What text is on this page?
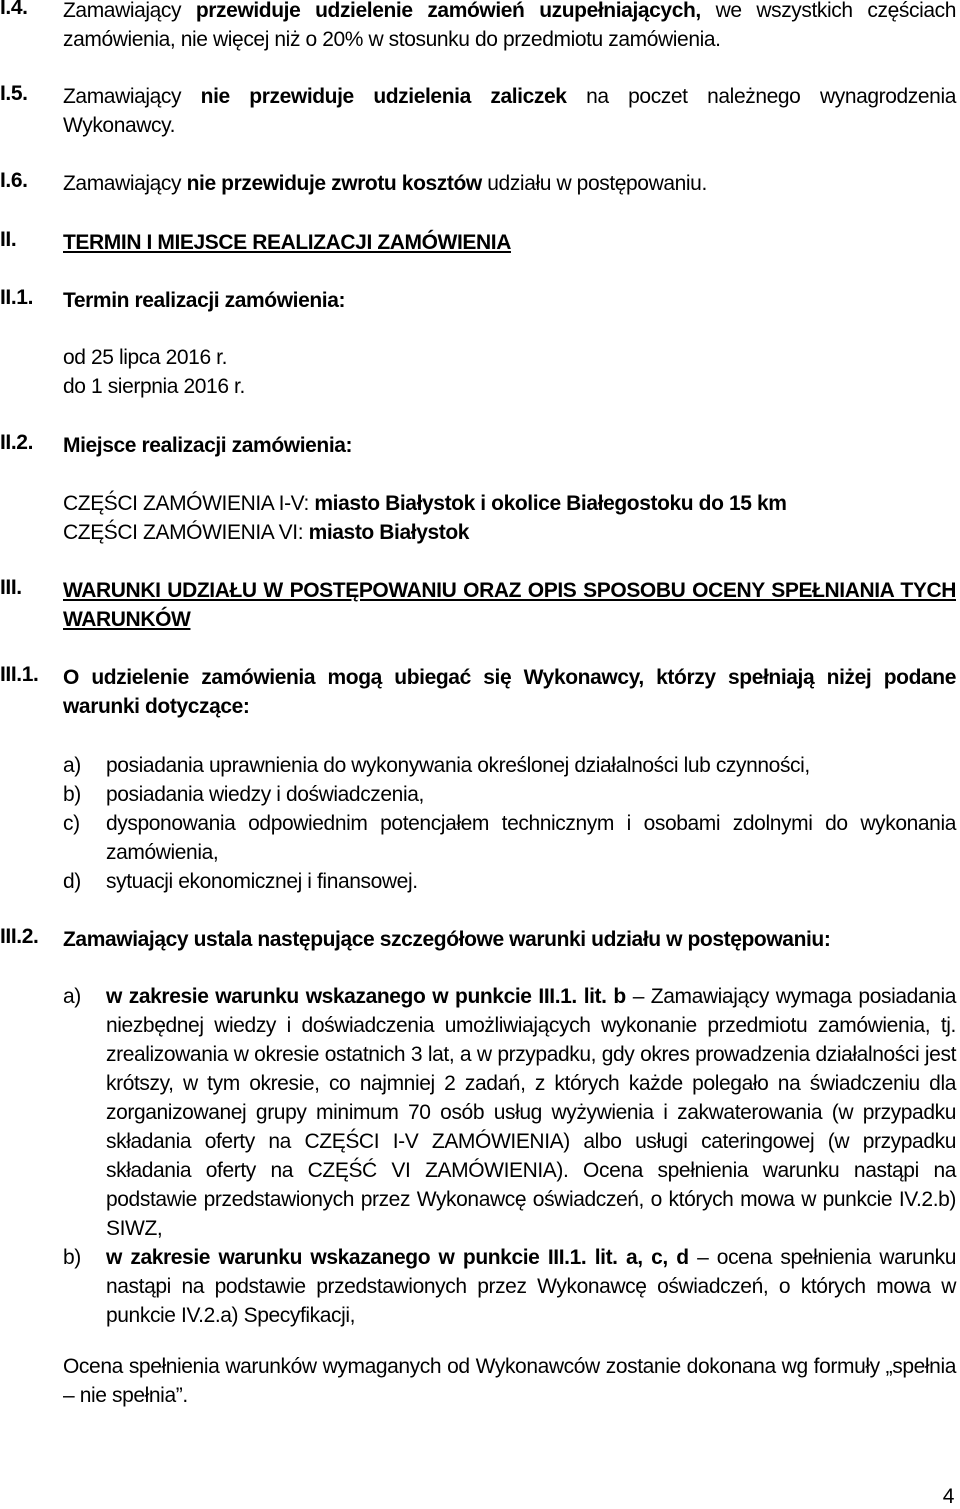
I.4. Zamawiający przewiduje udzielenie zamówień uzupełniających, we wszystkich częściach zamówienia, nie więcej niż o 20% w stosunku do przedmiotu zamówienia.
I.5. Zamawiający nie przewiduje udzielenia zaliczek na poczet należnego wynagrodzenia Wykonawcy.
I.6. Zamawiający nie przewiduje zwrotu kosztów udziału w postępowaniu.
II. TERMIN I MIEJSCE REALIZACJI ZAMÓWIENIA
II.1. Termin realizacji zamówienia:
od 25 lipca 2016 r.
do 1 sierpnia 2016 r.
II.2. Miejsce realizacji zamówienia:
CZĘŚCI ZAMÓWIENIA I-V: miasto Białystok i okolice Białegostoku do 15 km
CZĘŚCI ZAMÓWIENIA VI: miasto Białystok
III. WARUNKI UDZIAŁU W POSTĘPOWANIU ORAZ OPIS SPOSOBU OCENY SPEŁNIANIA TYCH WARUNKÓW
III.1. O udzielenie zamówienia mogą ubiegać się Wykonawcy, którzy spełniają niżej podane warunki dotyczące:
a) posiadania uprawnienia do wykonywania określonej działalności lub czynności,
b) posiadania wiedzy i doświadczenia,
c) dysponowania odpowiednim potencjałem technicznym i osobami zdolnymi do wykonania zamówienia,
d) sytuacji ekonomicznej i finansowej.
III.2. Zamawiający ustala następujące szczegółowe warunki udziału w postępowaniu:
a) w zakresie warunku wskazanego w punkcie III.1. lit. b – Zamawiający wymaga posiadania niezbędnej wiedzy i doświadczenia umożliwiających wykonanie przedmiotu zamówienia, tj. zrealizowania w okresie ostatnich 3 lat, a w przypadku, gdy okres prowadzenia działalności jest krótszy, w tym okresie, co najmniej 2 zadań, z których każde polegało na świadczeniu dla zorganizowanej grupy minimum 70 osób usług wyżywienia i zakwaterowania (w przypadku składania oferty na CZĘŚCI I-V ZAMÓWIENIA) albo usługi cateringowej (w przypadku składania oferty na CZĘŚĆ VI ZAMÓWIENIA). Ocena spełnienia warunku nastąpi na podstawie przedstawionych przez Wykonawcę oświadczeń, o których mowa w punkcie IV.2.b) SIWZ,
b) w zakresie warunku wskazanego w punkcie III.1. lit. a, c, d – ocena spełnienia warunku nastąpi na podstawie przedstawionych przez Wykonawcę oświadczeń, o których mowa w punkcie IV.2.a) Specyfikacji,
Ocena spełnienia warunków wymaganych od Wykonawców zostanie dokonana wg formuły „spełnia – nie spełnia”.
4
